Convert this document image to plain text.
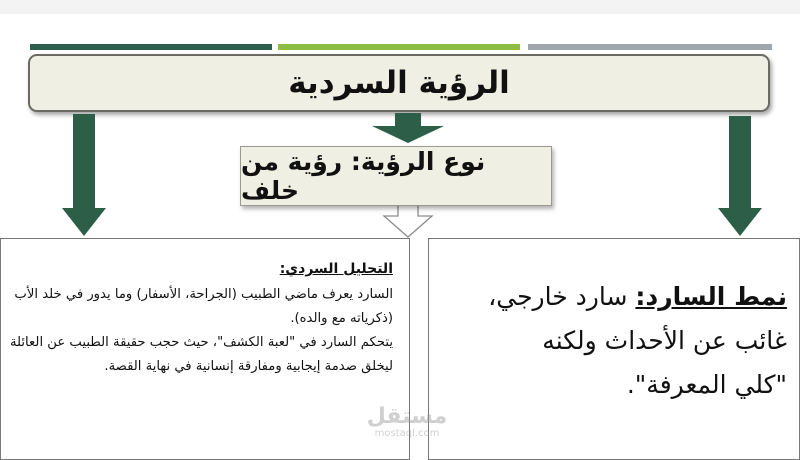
الرؤية السردية
نوع الرؤية: رؤية من خلف
التحليل السردي:

السارد يعرف ماضي الطبيب (الجراحة، الأسفار) وما يدور في خلد الأب (ذكرياته مع والده).

يتحكم السارد في "لعبة الكشف"، حيث حجب حقيقة الطبيب عن العائلة ليخلق صدمة إيجابية ومفارقة إنسانية في نهاية القصة.

نمط السارد: سارد خارجي،

غائب عن الأحداث ولكنه

"كلي المعرفة".

مستقل
mostaql.com
